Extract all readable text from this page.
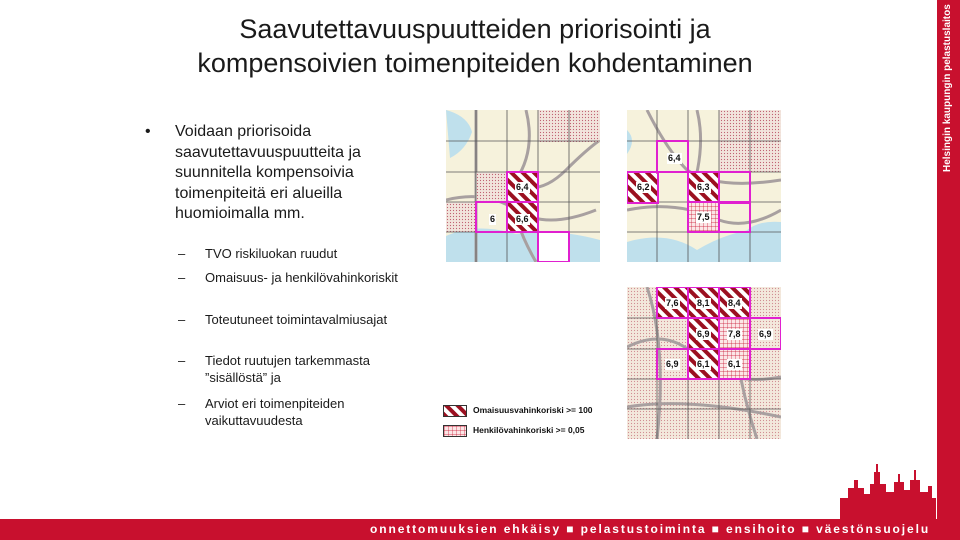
Saavutettavuuspuutteiden priorisointi ja
kompensoivien toimenpiteiden kohdentaminen
• Voidaan priorisoida saavutettavuuspuutteita ja suunnitella kompensoivia toimenpiteitä eri alueilla huomioimalla mm.
– TVO riskiluokan ruudut
– Omaisuus- ja henkilövahinkoriskit
– Toteutuneet toimintavalmiusajat
– Tiedot ruutujen tarkemmasta ”sisällöstä” ja
– Arviot eri toimenpiteiden vaikuttavuudesta
6,4
6 6,6
6,4
6,2	6,3
7,5
7,6 8,1 8,4
6,9 7,8 6,9
6,9 6,1 6,1
Omaisuusvahinkoriski >= 100
Henkilövahinkoriski >= 0,05
Helsingin kaupungin pelastuslaitos
onnettomuuksien ehkäisy ■ pelastustoiminta ■ ensihoito ■ väestönsuojelu
